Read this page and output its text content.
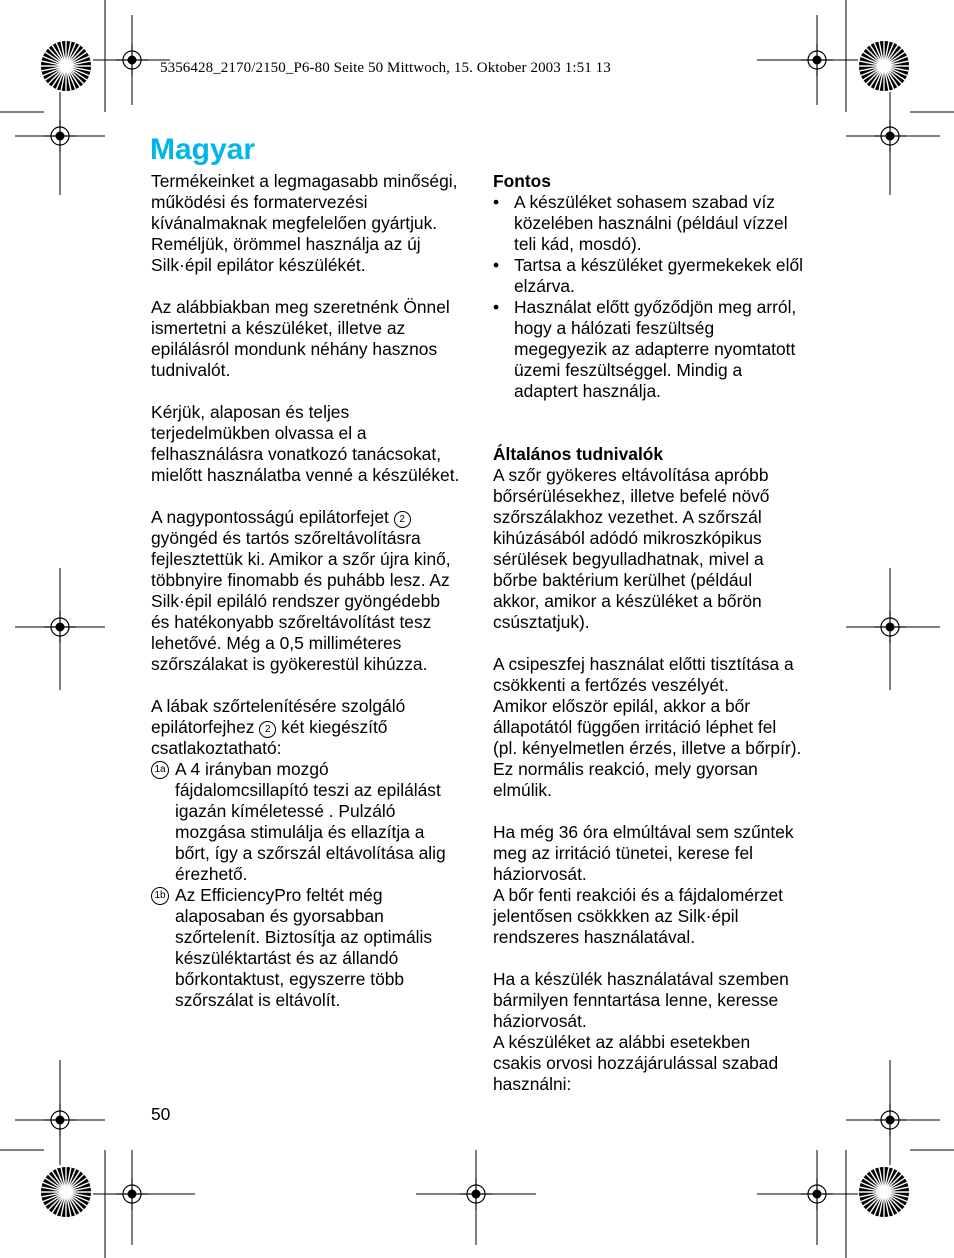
5356428_2170/2150_P6-80 Seite 50 Mittwoch, 15. Oktober 2003 1:51 13
Magyar

Termékeinket a legmagasabb minőségi, működési és formatervezési kívánalmaknak megfelelően gyártjuk.

Reméljük, örömmel használja az új Silk·épil epilátor készülékét.

Az alábbiakban meg szeretnénk Önnel ismertetni a készüléket, illetve az epilálásról mondunk néhány hasznos tudnivalót.

Kérjük, alaposan és teljes terjedelmükben olvassa el a felhasználásra vonatkozó tanácsokat, mielőtt használatba venné a készüléket.

A nagypontosságú epilátorfejet 2 gyöngéd és tartós szőreltávolításra fejlesztettük ki. Amikor a szőr újra kinő, többnyire finomabb és puhább lesz. Az Silk·épil epiláló rendszer gyöngédebb és hatékonyabb szőreltávolítást tesz lehetővé. Még a 0,5 milliméteres szőrszálakat is gyökerestül kihúzza.

A lábak szőrtelenítésére szolgáló epilátorfejhez 2 két kiegészítő csatlakoztatható:

1a A 4 irányban mozgó fájdalomcsillapító teszi az epilálást igazán kíméletessé . Pulzáló mozgása stimulálja és ellazítja a bőrt, így a szőrszál eltávolítása alig érezhető.
1b Az EfficiencyPro feltét még alaposaban és gyorsabban szőrtelenít. Biztosítja az optimális készüléktartást és az állandó bőrkontaktust, egyszerre több szőrszálat is eltávolít.

Fontos

• A készüléket sohasem szabad víz közelében használni (például vízzel teli kád, mosdó).
• Tartsa a készüléket gyermekekek elől elzárva.
• Használat előtt győződjön meg arról, hogy a hálózati feszültség megegyezik az adapterre nyomtatott üzemi feszültséggel. Mindig a adaptert használja.

Általános tudnivalók

A szőr gyökeres eltávolítása apróbb bőrsérülésekhez, illetve befelé növő szőrszálakhoz vezethet. A szőrszál kihúzásából adódó mikroszkópikus sérülések begyulladhatnak, mivel a bőrbe baktérium kerülhet (például akkor, amikor a készüléket a bőrön csúsztatjuk).

A csipeszfej használat előtti tisztítása a csökkenti a fertőzés veszélyét.

Amikor először epilál, akkor a bőr állapotától függően irritáció léphet fel (pl. kényelmetlen érzés, illetve a bőrpír). Ez normális reakció, mely gyorsan elmúlik.

Ha még 36 óra elmúltával sem szűntek meg az irritáció tünetei, kerese fel háziorvosát.

A bőr fenti reakciói és a fájdalomérzet jelentősen csökkken az Silk·épil rendszeres használatával.

Ha a készülék használatával szemben bármilyen fenntartása lenne, keresse háziorvosát.

A készüléket az alábbi esetekben csakis orvosi hozzájárulással szabad használni:

50
